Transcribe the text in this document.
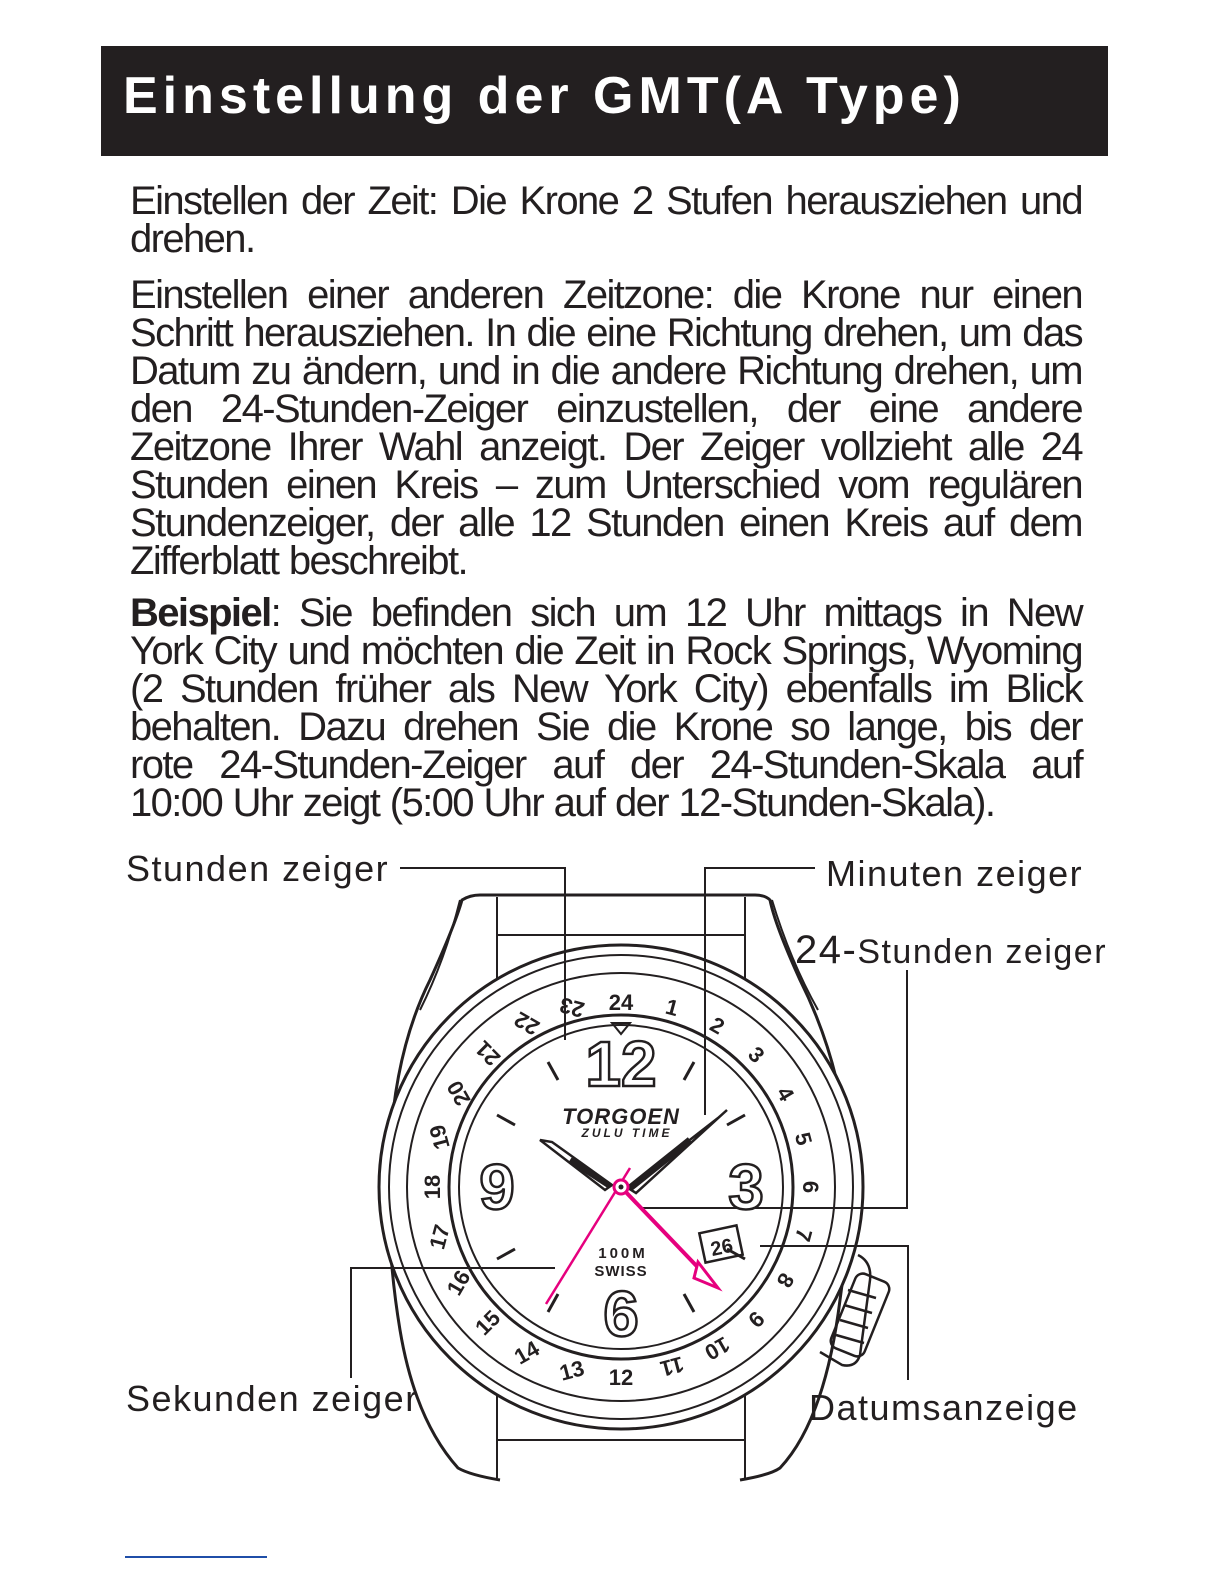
Einstellung der GMT(A Type)

Einstellen der Zeit: Die Krone 2 Stufen herausziehen und drehen.

Einstellen einer anderen Zeitzone: die Krone nur einen Schritt herausziehen. In die eine Richtung drehen, um das Datum zu ändern, und in die andere Richtung drehen, um den 24-Stunden-Zeiger einzustellen, der eine andere Zeitzone Ihrer Wahl anzeigt. Der Zeiger vollzieht alle 24 Stunden einen Kreis – zum Unterschied vom regulären Stundenzeiger, der alle 12 Stunden einen Kreis auf dem Zifferblatt beschreibt.

Beispiel: Sie befinden sich um 12 Uhr mittags in New York City und möchten die Zeit in Rock Springs, Wyoming (2 Stunden früher als New York City) ebenfalls im Blick behalten. Dazu drehen Sie die Krone so lange, bis der rote 24-Stunden-Zeiger auf der 24-Stunden-Skala auf 10:00 Uhr zeigt (5:00 Uhr auf der 12-Stunden-Skala).

24 1
2
3
4
5
6
7
8
9
10
11
12
13
14
15
16
17
18
19
20
21
22 23
12
3
6
9
TORGOEN
ZULU TIME
100M
SWISS
26
Stunden zeiger	Minuten zeiger
24-Stunden zeiger
Sekunden zeiger	Datumsanzeige
